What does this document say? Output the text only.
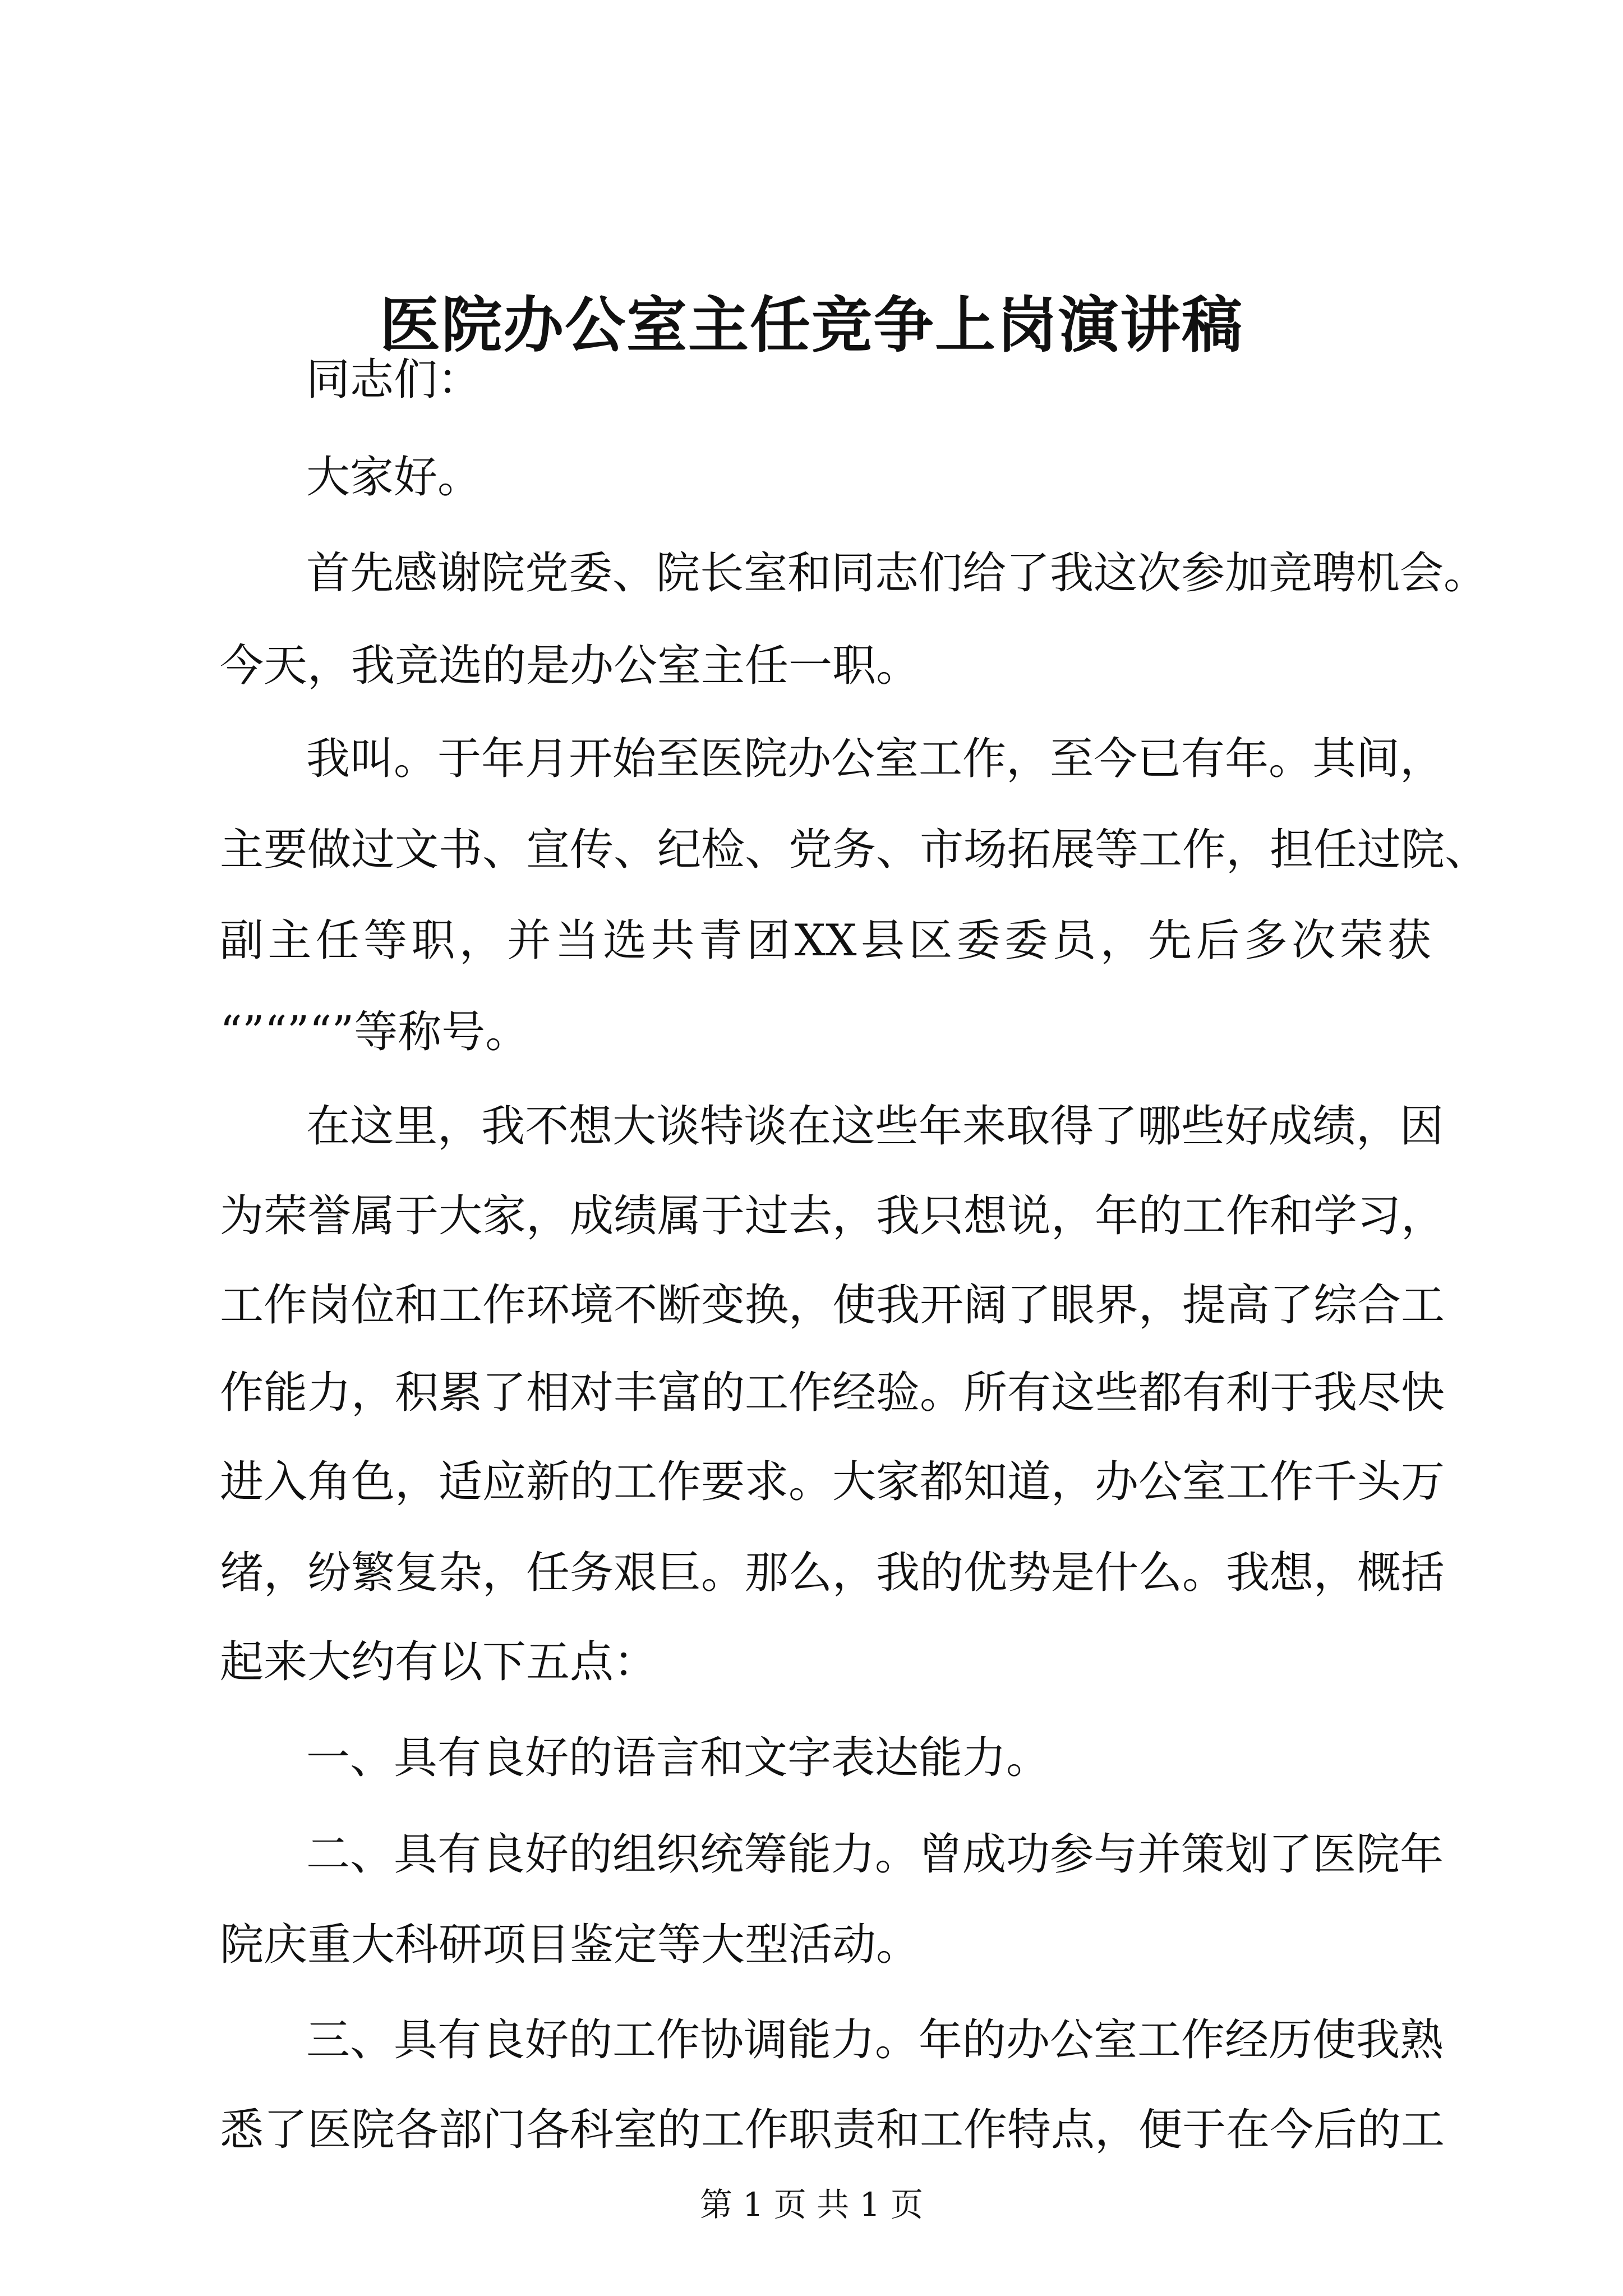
医院办公室主任竞争上岗演讲稿

同志们：

大家好。

首先感谢院党委、院长室和同志们给了我这次参加竞聘机会。

今天，我竞选的是办公室主任一职。

我叫。于年月开始至医院办公室工作，至今已有年。其间，

主要做过文书、宣传、纪检、党务、市场拓展等工作，担任过院、

副主任等职，并当选共青团XX县区委委员，先后多次荣获

“”“”“”等称号。

在这里，我不想大谈特谈在这些年来取得了哪些好成绩，因

为荣誉属于大家，成绩属于过去，我只想说，年的工作和学习，

工作岗位和工作环境不断变换，使我开阔了眼界，提高了综合工

作能力，积累了相对丰富的工作经验。所有这些都有利于我尽快

进入角色，适应新的工作要求。大家都知道，办公室工作千头万

绪，纷繁复杂，任务艰巨。那么，我的优势是什么。我想，概括

起来大约有以下五点：

一、具有良好的语言和文字表达能力。

二、具有良好的组织统筹能力。曾成功参与并策划了医院年

院庆重大科研项目鉴定等大型活动。

三、具有良好的工作协调能力。年的办公室工作经历使我熟

悉了医院各部门各科室的工作职责和工作特点，便于在今后的工

第 1 页 共 1 页
